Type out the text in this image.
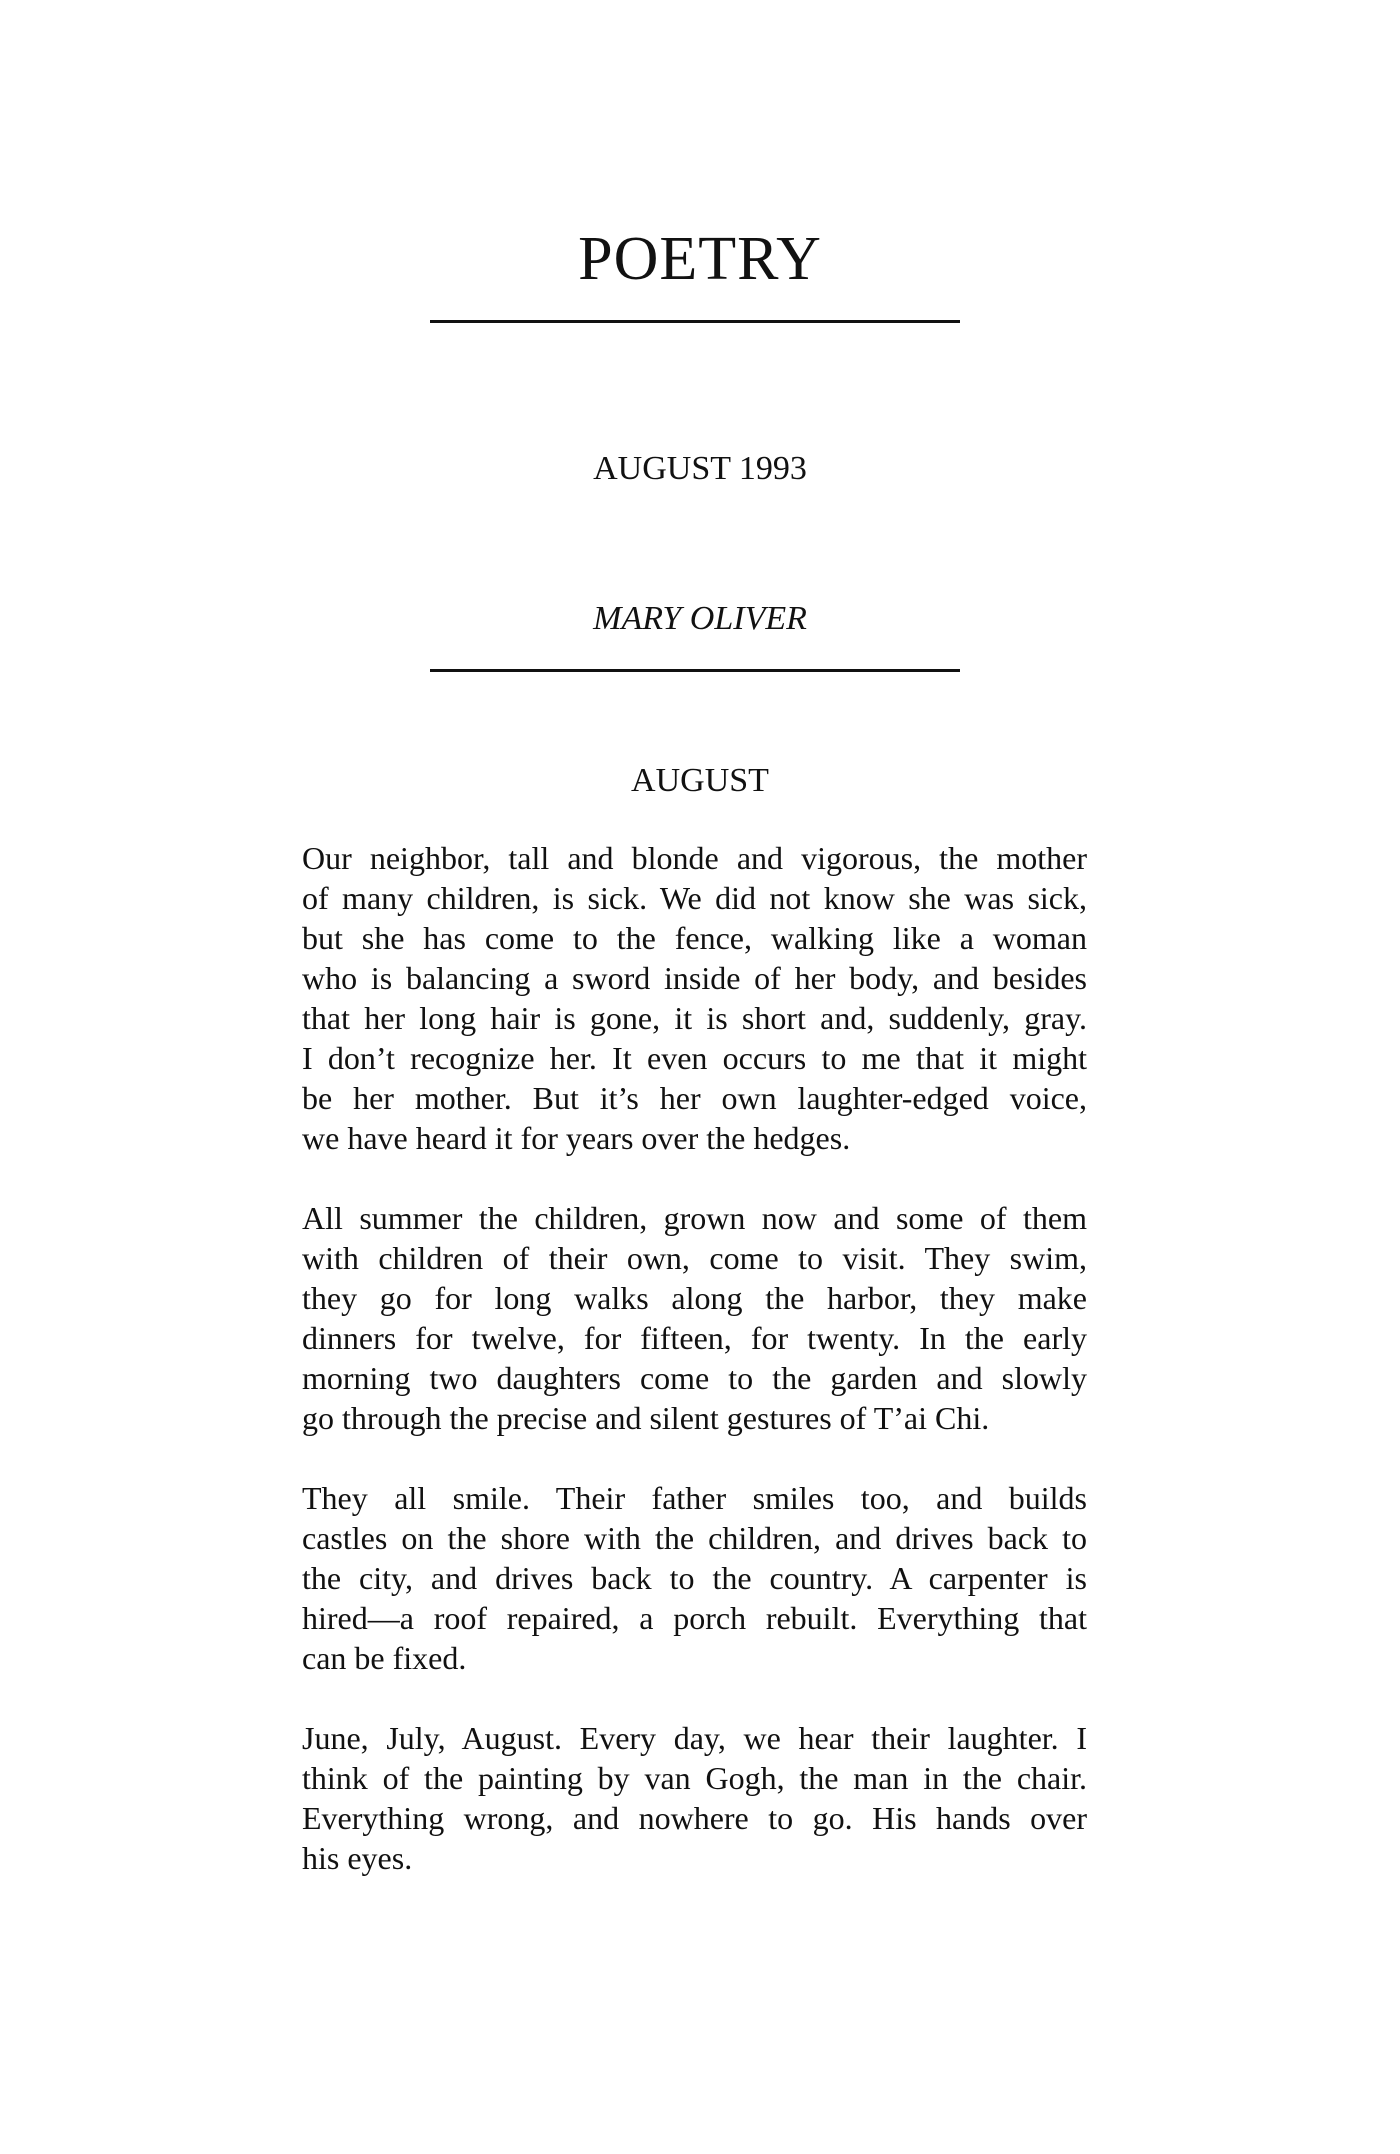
POETRY
AUGUST 1993
MARY OLIVER
AUGUST
Our neighbor, tall and blonde and vigorous, the mother
of many children, is sick. We did not know she was sick,
but she has come to the fence, walking like a woman
who is balancing a sword inside of her body, and besides
that her long hair is gone, it is short and, suddenly, gray.
I don’t recognize her. It even occurs to me that it might
be her mother. But it’s her own laughter-edged voice,
we have heard it for years over the hedges.
All summer the children, grown now and some of them
with children of their own, come to visit. They swim,
they go for long walks along the harbor, they make
dinners for twelve, for fifteen, for twenty. In the early
morning two daughters come to the garden and slowly
go through the precise and silent gestures of T’ai Chi.
They all smile. Their father smiles too, and builds
castles on the shore with the children, and drives back to
the city, and drives back to the country. A carpenter is
hired—a roof repaired, a porch rebuilt. Everything that
can be fixed.
June, July, August. Every day, we hear their laughter. I
think of the painting by van Gogh, the man in the chair.
Everything wrong, and nowhere to go. His hands over
his eyes.
